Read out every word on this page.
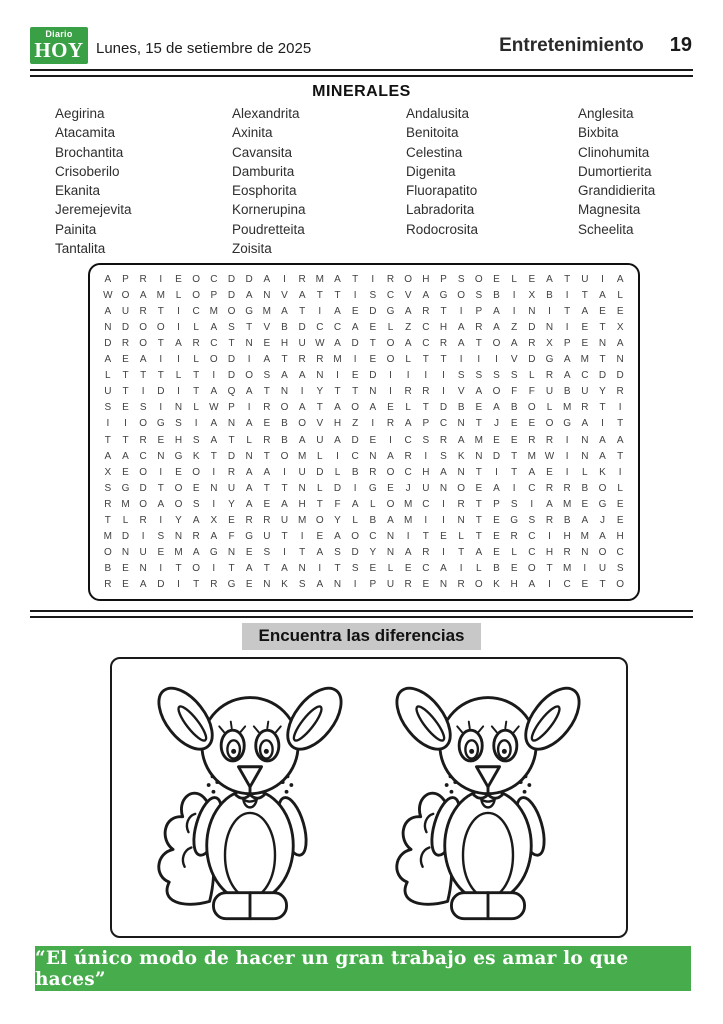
Diario
HOY Lunes, 15 de setiembre de 2025	Entretenimiento 19
MINERALES
Aegirina
Atacamita
Brochantita
Crisoberilo
Ekanita
Jeremejevita
Painita
Tantalita
Alexandrita
Axinita
Cavansita
Damburita
Eosphorita
Kornerupina
Poudretteita
Zoisita
Andalusita
Benitoita
Celestina
Digenita
Fluorapatito
Labradorita
Rodocrosita
Anglesita
Bixbita
Clinohumita
Dumortierita
Grandidierita
Magnesita
Scheelita
A	P	R	I	E	O	C	D	D	A	I	R M	A	T	I	R	O	H	P	S	O	E	L	E	A	T	U	I	A
W O	A	M	L	O	P	D	A	N	V	A	T	T	I	S	C	V	A	G O	S	B	I	X	B	I	T	A	L
A	U	R	T	I	C M O G M	A	T	I	A	E	D	G	A	R	T	I	P	A	I	N	I	T	A	E	E
N	D	O O	I	L	A	S	T	V	B	D	C	C	A	E	L	Z	C	H	A	R	A	Z	D	N	I	E	T	X
D	R	O	T	A	R	C	T	N	E	H	U W A	D	T	O	A	C	R	A	T	O	A	R	X	P	E	N	A
A	E	A	I	I	L	O	D	I	A	T	R	R M	I	E	O	L	T	T	I	I	I	V	D	G	A	M	T	N
L	T	T	T	L	T	I	D	O	S	A	A	N	I	E	D	I	I	I	I	S	S	S	S	L	R	A	C	D	D
U	T	I	D	I	T	A	Q	A	T	N	I	Y	T	T	N	I	R	R	I	V	A	O	F	F	U	B	U	Y	R
S	E	S	I	N	L	W P	I	R	O	A	T	A	O	A	E	L	T	D	B	E	A	B	O	L	M R	T	I
I	I	O G	S	I	A	N	A	E	B	O	V	H	Z	I	R	A	P	C	N	T	J	E	E	O G	A	I	T
T	T	R	E	H	S	A	T	L	R	B	A	U	A	D	E	I	C	S	R	A	M	E	E	R	R	I	N	A	A
A	A	C	N	G	K	T	D	N	T	O M	L	I	C	N	A	R	I	S	K	N	D	T	M W	I	N	A	T
X	E	O	I	E	O	I	R	A	A	I	U	D	L	B	R	O	C	H	A	N	T	I	T	A	E	I	L	K	I
S	G	D	T	O	E	N	U	A	T	T	N	L	D	I	G	E	J	U	N	O	E	A	I	C	R	R	B	O	L
R M O	A	O	S	I	Y	A	E	A	H	T	F	A	L	O M C	I	R	T	P	S	I	A	M	E	G	E
T	L	R	I	Y	A	X	E	R	R	U M O	Y	L	B	A	M	I	I	N	T	E	G	S	R	B	A	J	E
M D	I	S	N	R	A	F	G	U	T	I	E	A	O	C	N	I	T	E	L	T	E	R	C	I	H M	A	H
O	N	U	E	M	A	G	N	E	S	I	T	A	S	D	Y	N	A	R	I	T	A	E	L	C	H	R	N	O	C
B	E	N	I	T	O	I	T	A	T	A	N	I	T	S	E	L	E	C	A	I	L	B	E	O	T	M	I	U	S
R	E	A	D	I	T	R	G	E	N	K	S	A	N	I	P	U	R	E	N	R	O	K	H	A	I	C	E	T	O
Encuentra las diferencias
“El único modo de hacer un gran trabajo es amar lo que haces”
